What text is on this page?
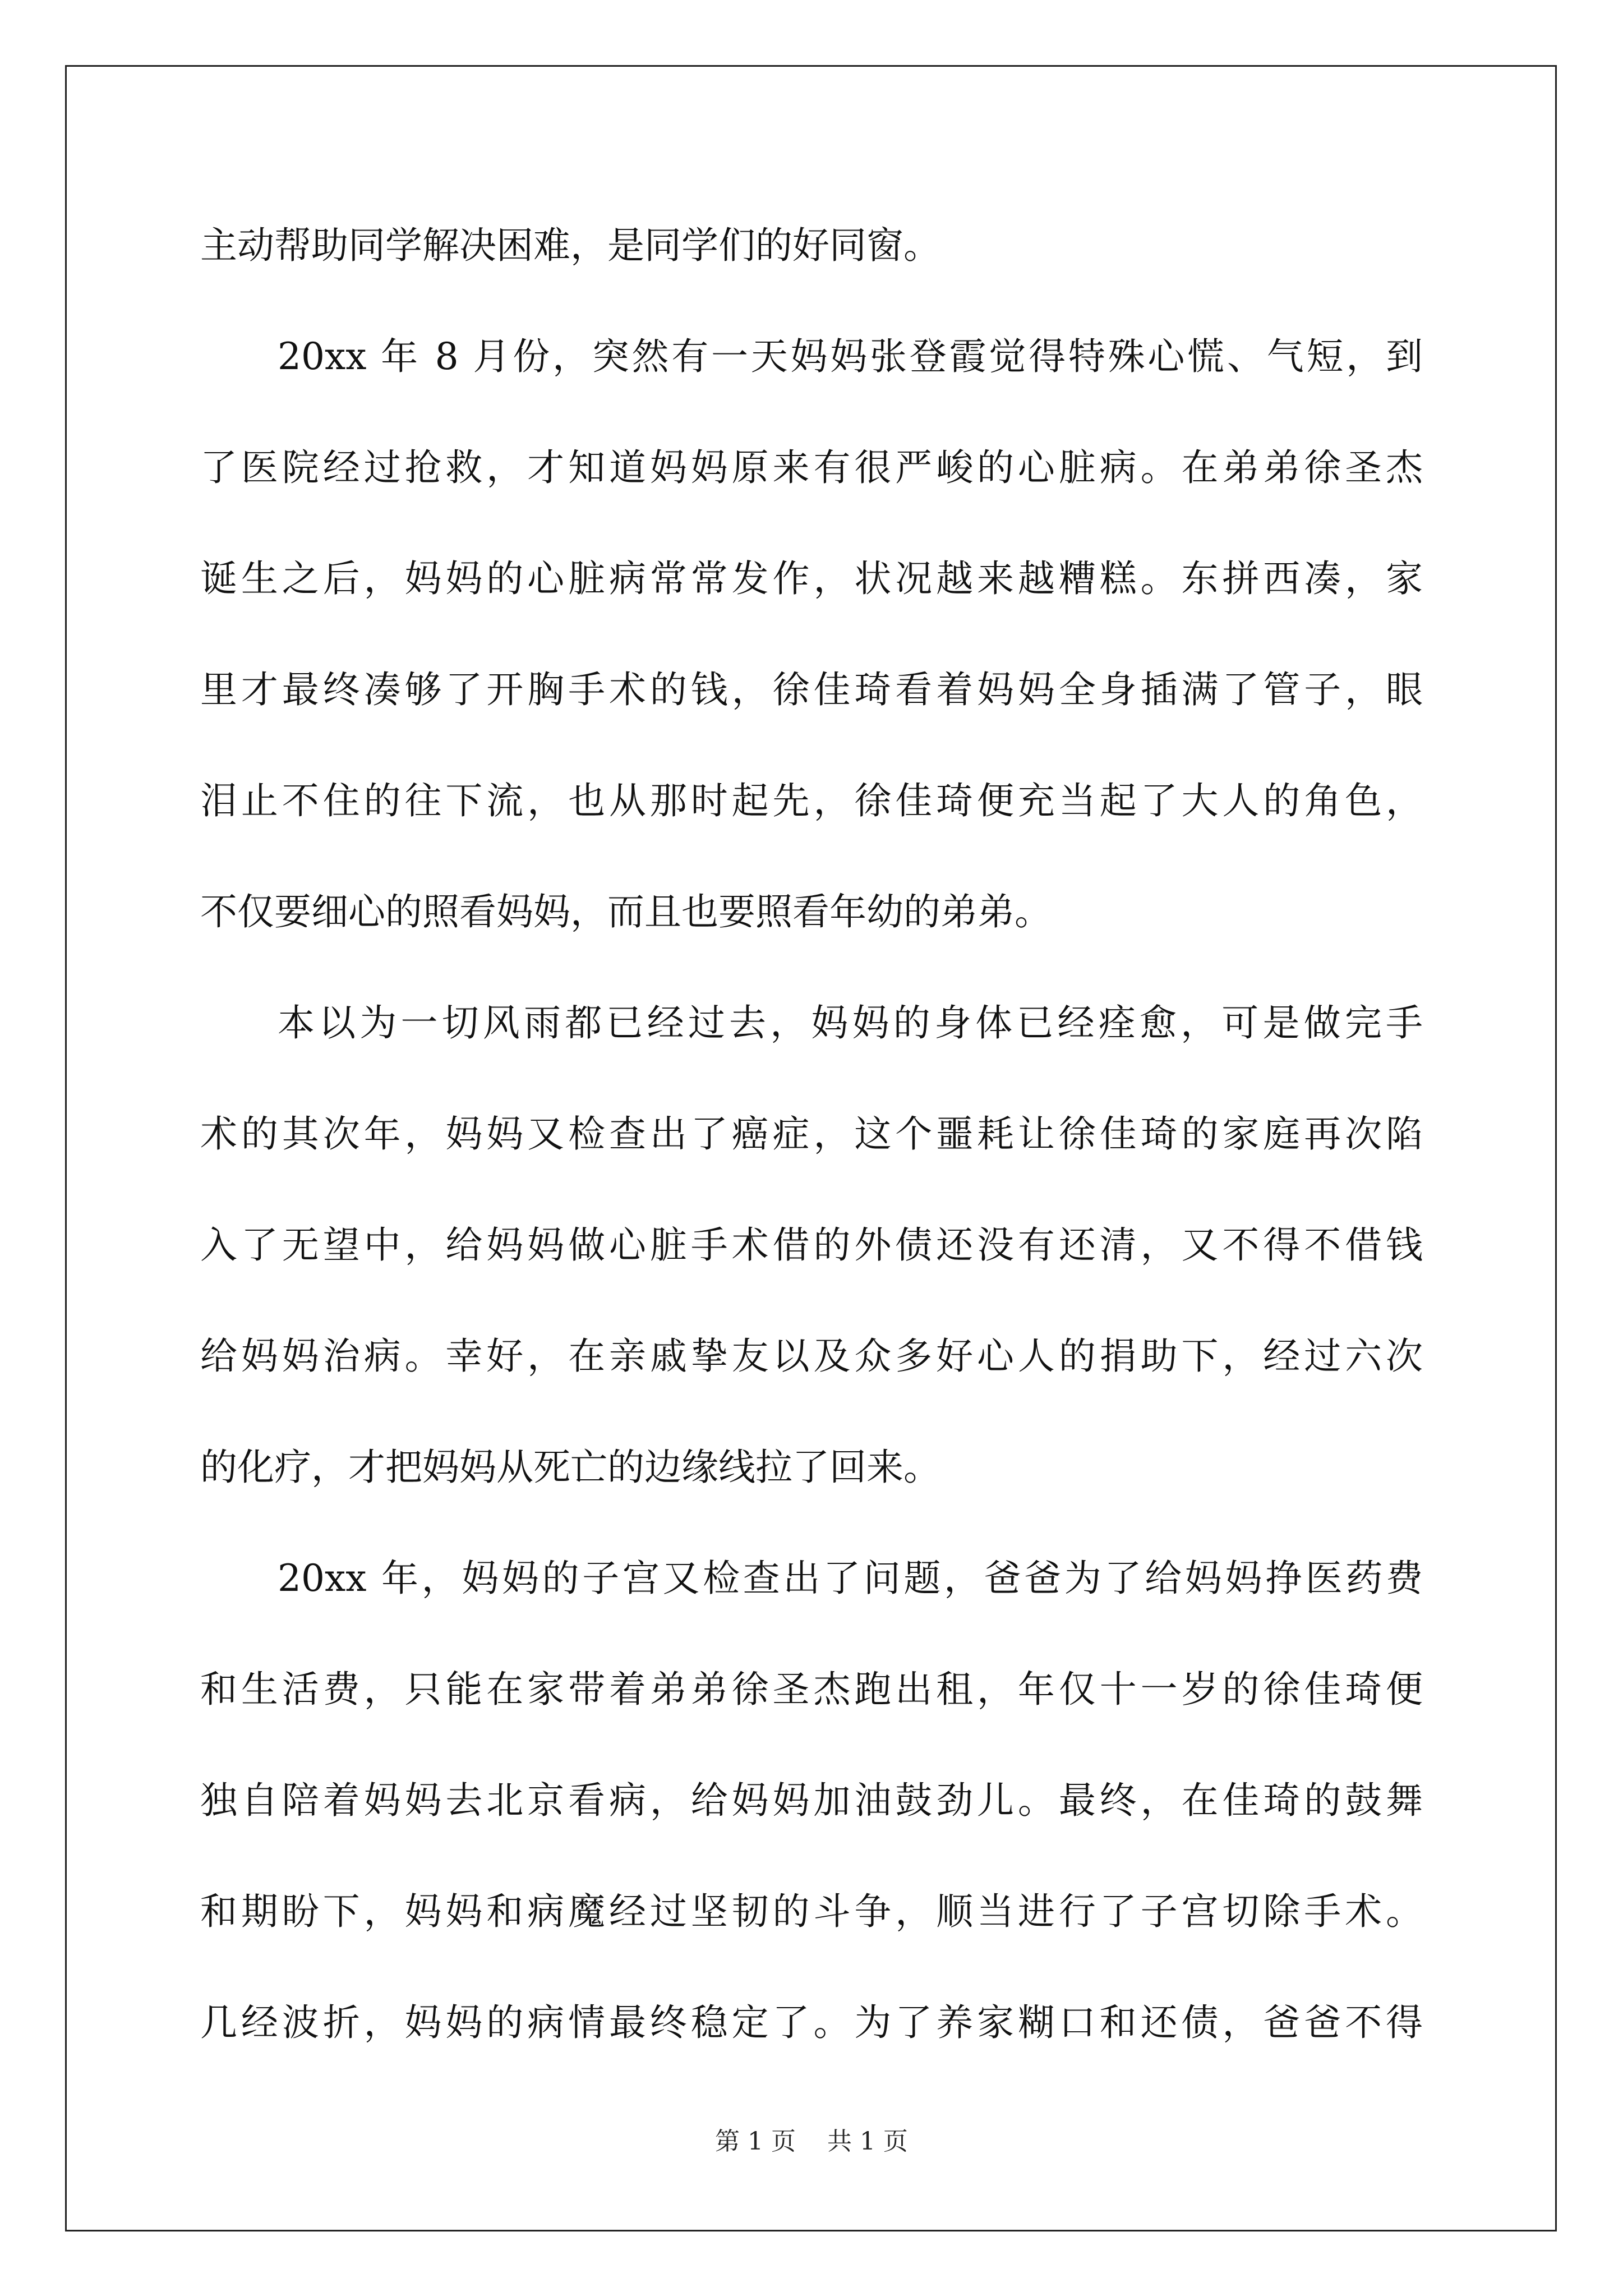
主动帮助同学解决困难，是同学们的好同窗。
20xx 年 8 月份，突然有一天妈妈张登霞觉得特殊心慌、气短，到
了医院经过抢救，才知道妈妈原来有很严峻的心脏病。在弟弟徐圣杰
诞生之后，妈妈的心脏病常常发作，状况越来越糟糕。东拼西凑，家
里才最终凑够了开胸手术的钱，徐佳琦看着妈妈全身插满了管子，眼
泪止不住的往下流，也从那时起先，徐佳琦便充当起了大人的角色，
不仅要细心的照看妈妈，而且也要照看年幼的弟弟。
本以为一切风雨都已经过去，妈妈的身体已经痊愈，可是做完手
术的其次年，妈妈又检查出了癌症，这个噩耗让徐佳琦的家庭再次陷
入了无望中，给妈妈做心脏手术借的外债还没有还清，又不得不借钱
给妈妈治病。幸好，在亲戚挚友以及众多好心人的捐助下，经过六次
的化疗，才把妈妈从死亡的边缘线拉了回来。
20xx 年，妈妈的子宫又检查出了问题，爸爸为了给妈妈挣医药费
和生活费，只能在家带着弟弟徐圣杰跑出租，年仅十一岁的徐佳琦便
独自陪着妈妈去北京看病，给妈妈加油鼓劲儿。最终，在佳琦的鼓舞
和期盼下，妈妈和病魔经过坚韧的斗争，顺当进行了子宫切除手术。
几经波折，妈妈的病情最终稳定了。为了养家糊口和还债，爸爸不得
第 1 页    共 1 页
